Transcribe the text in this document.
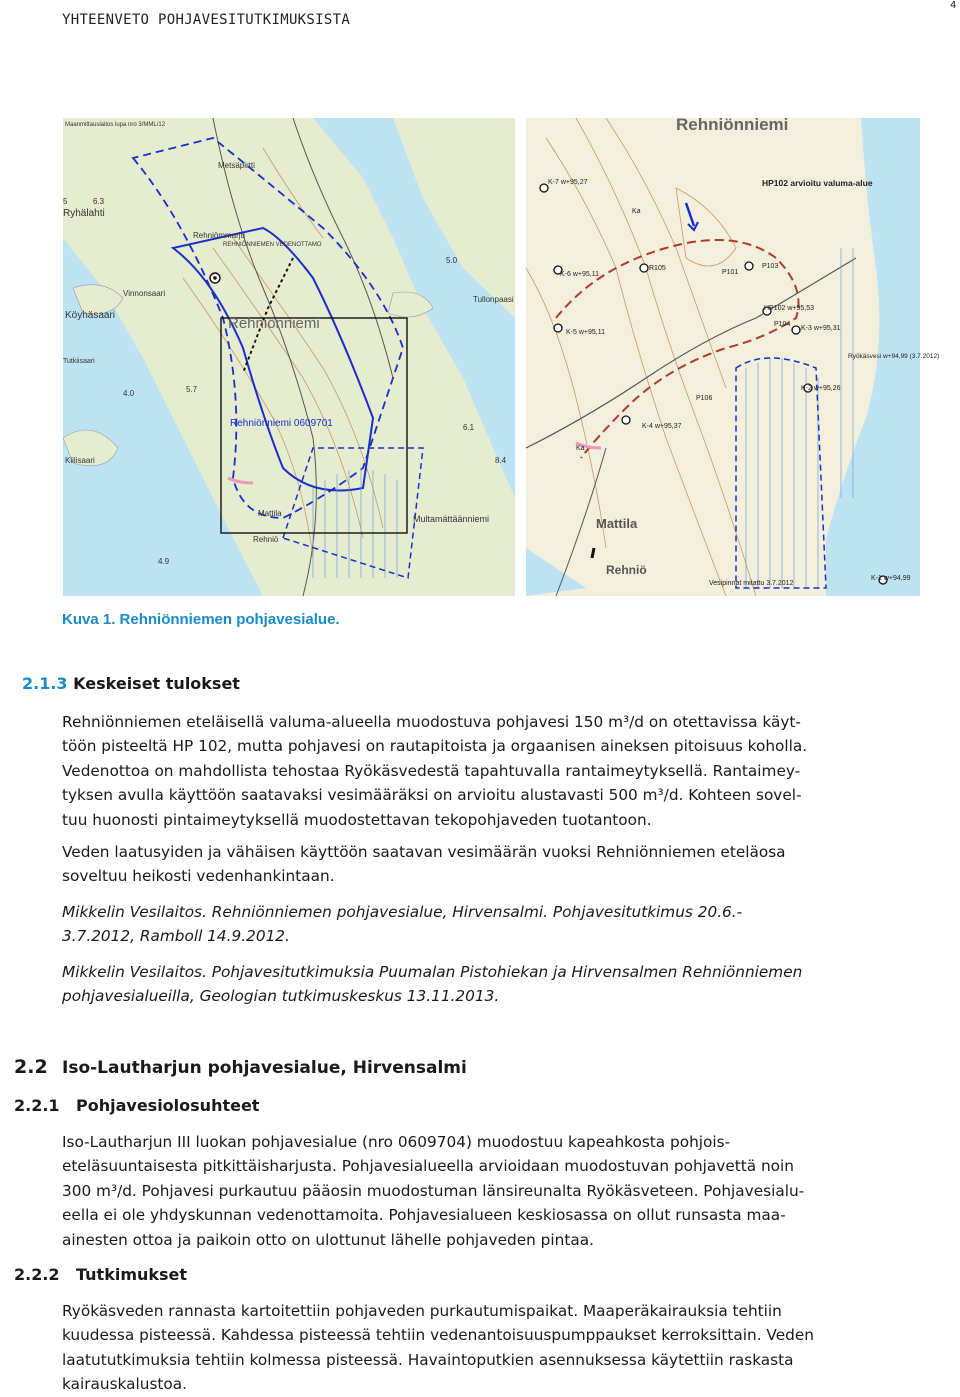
YHTEENVETO POHJAVESITUTKIMUKSISTA
4
Maanmittauslaitos lupa nro 3/MML/12
Metsäpirtti
Ryhälahti
Rehniömmarju
REHNIÖNNIEMEN VEDENOTTAMO
Vinnonsaari
Köyhäsaari	Rehniönniemi
Tullonpaasi
Tutkiisaari
Kiilisaari
Rehniönniemi 0609701
Multamättäänniemi
Mattila
Rehniö
5	6.3
5.0
5.7
4.0
6.1
8.4
4.9
Rehniönniemi
HP102 arvioitu valuma-alue
K-7 w+95,27
Ka
K-6 w+95,11
R105
P101
P103
HP102 w+95,53
P104
K-3 w+95,31
K-5 w+95,11
P106
K-4 w+95,37
K-2 w+95,26
Ryökäsvesi w+94,99 (3.7.2012)
Ka
Mattila
Rehniö
Vesipinnat mitattu 3.7.2012
K-1 w+94,99
Kuva 1. Rehniönniemen pohjavesialue.
2.1.3 Keskeiset tulokset

Rehniönniemen eteläisellä valuma-alueella muodostuva pohjavesi 150 m³/d on otettavissa käyt-
töön pisteeltä HP 102, mutta pohjavesi on rautapitoista ja orgaanisen aineksen pitoisuus koholla.
Vedenottoa on mahdollista tehostaa Ryökäsvedestä tapahtuvalla rantaimeytyksellä. Rantaimey-
tyksen avulla käyttöön saatavaksi vesimääräksi on arvioitu alustavasti 500 m³/d. Kohteen sovel-
tuu huonosti pintaimeytyksellä muodostettavan tekopohjaveden tuotantoon.

Veden laatusyiden ja vähäisen käyttöön saatavan vesimäärän vuoksi Rehniönniemen eteläosa
soveltuu heikosti vedenhankintaan.

Mikkelin Vesilaitos. Rehniönniemen pohjavesialue, Hirvensalmi. Pohjavesitutkimus 20.6.-
3.7.2012, Ramboll 14.9.2012.

Mikkelin Vesilaitos. Pohjavesitutkimuksia Puumalan Pistohiekan ja Hirvensalmen Rehniönniemen
pohjavesialueilla, Geologian tutkimuskeskus 13.11.2013.

2.2 Iso-Lautharjun pohjavesialue, Hirvensalmi
2.2.1 Pohjavesiolosuhteet

Iso-Lautharjun III luokan pohjavesialue (nro 0609704) muodostuu kapeahkosta pohjois-
eteläsuuntaisesta pitkittäisharjusta. Pohjavesialueella arvioidaan muodostuvan pohjavettä noin
300 m³/d. Pohjavesi purkautuu pääosin muodostuman länsireunalta Ryökäsveteen. Pohjavesialu-
eella ei ole yhdyskunnan vedenottamoita. Pohjavesialueen keskiosassa on ollut runsasta maa-
ainesten ottoa ja paikoin otto on ulottunut lähelle pohjaveden pintaa.

2.2.2 Tutkimukset

Ryökäsveden rannasta kartoitettiin pohjaveden purkautumispaikat. Maaperäkairauksia tehtiin
kuudessa pisteessä. Kahdessa pisteessä tehtiin vedenantoisuuspumppaukset kerroksittain. Veden
laatututkimuksia tehtiin kolmessa pisteessä. Havaintoputkien asennuksessa käytettiin raskasta
kairauskalustoa.
